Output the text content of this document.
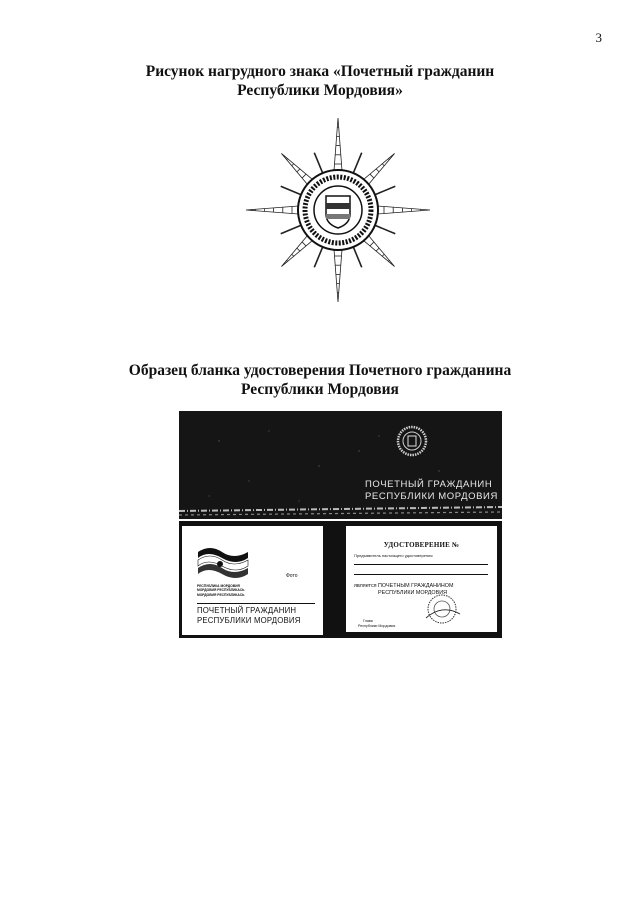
3
Рисунок нагрудного знака «Почетный гражданин
Республики Мордовия»
Образец бланка удостоверения Почетного гражданина
Республики Мордовия
ПОЧЕТНЫЙ ГРАЖДАНИН
РЕСПУБЛИКИ МОРДОВИЯ
РЕСПУБЛИКА МОРДОВИЯ
МОРДОВИЯ РЕСПУБЛИКАСЬ
МОРДОВИЯ РЕСПУБЛИКАСЬ
Фото
ПОЧЕТНЫЙ ГРАЖДАНИН
РЕСПУБЛИКИ МОРДОВИЯ
УДОСТОВЕРЕНИЕ №
Предъявитель настоящего удостоверения
является ПОЧЕТНЫМ ГРАЖДАНИНОМ
РЕСПУБЛИКИ МОРДОВИЯ
Глава
Республики Мордовия
